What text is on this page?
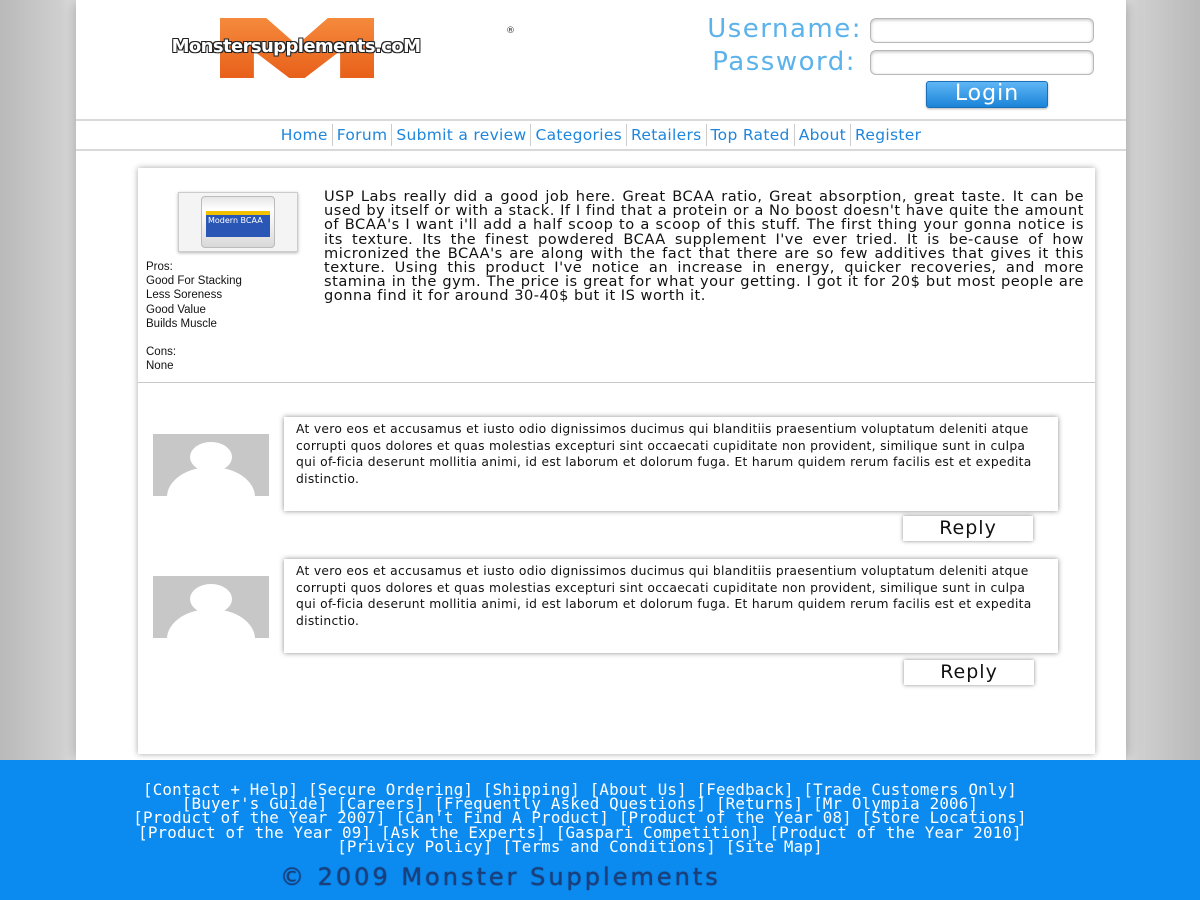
Monstersupplements.coM
®	Username:
Password:
Login
Home Forum Submit a review Categories Retailers Top Rated About Register
Modern BCAA
Pros:
Good For Stacking
Less Soreness
Good Value
Builds Muscle
Cons:
None
USP Labs really did a good job here. Great BCAA ratio, Great absorption, great taste. It can be used by itself or with a stack. If I find that a protein or a No boost doesn't have quite the amount of BCAA's I want i'll add a half scoop to a scoop of this stuff. The first thing your gonna notice is its texture. Its the finest powdered BCAA supplement I've ever tried. It is be-cause of how micronized the BCAA's are along with the fact that there are so few additives that gives it this texture. Using this product I've notice an increase in energy, quicker recoveries, and more stamina in the gym. The price is great for what your getting. I got it for 20$ but most people are gonna find it for around 30-40$ but it IS worth it.
At vero eos et accusamus et iusto odio dignissimos ducimus qui blanditiis praesentium voluptatum deleniti atque corrupti quos dolores et quas molestias excepturi sint occaecati cupiditate non provident, similique sunt in culpa qui of-ficia deserunt mollitia animi, id est laborum et dolorum fuga. Et harum quidem rerum facilis est et expedita distinctio.
Reply
At vero eos et accusamus et iusto odio dignissimos ducimus qui blanditiis praesentium voluptatum deleniti atque corrupti quos dolores et quas molestias excepturi sint occaecati cupiditate non provident, similique sunt in culpa qui of-ficia deserunt mollitia animi, id est laborum et dolorum fuga. Et harum quidem rerum facilis est et expedita distinctio.
Reply
[Contact + Help] [Secure Ordering] [Shipping] [About Us] [Feedback] [Trade Customers Only] [Buyer's Guide] [Careers] [Frequently Asked Questions] [Returns] [Mr Olympia 2006] [Product of the Year 2007] [Can't Find A Product] [Product of the Year 08] [Store Locations] [Product of the Year 09] [Ask the Experts] [Gaspari Competition] [Product of the Year 2010] [Privicy Policy] [Terms and Conditions] [Site Map]
© 2009 Monster Supplements
